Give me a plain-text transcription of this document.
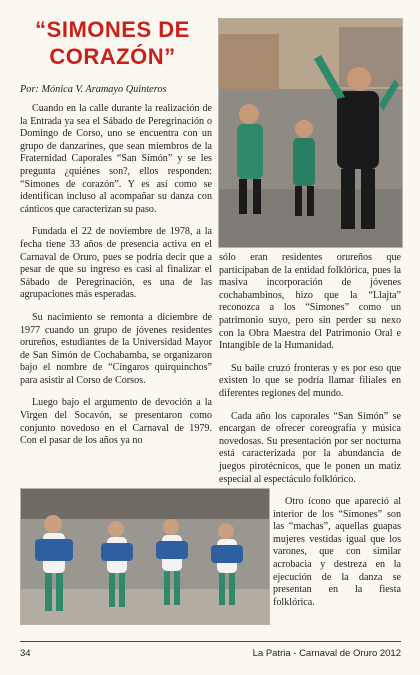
“SIMONES DE
CORAZÓN”
Por: Mónica V. Aramayo Quinteros

Cuando en la calle durante la realización de la Entrada ya sea el Sábado de Peregrinación o Domingo de Corso, uno se encuentra con un grupo de danzarines, que sean miembros de la Fraternidad Caporales “San Simón” y se les pregunta ¿quiénes son?, ellos responden: “Simones de corazón”. Y es así como se identifican incluso al acompañar su danza con cánticos que caracterizan su paso.

Fundada el 22 de noviembre de 1978, a la fecha tiene 33 años de presencia activa en el Carnaval de Oruro, pues se podría decir que a pesar de que su ingreso es casi al finalizar el Sábado de Peregrinación, es una de las agrupaciones más esperadas.

Su nacimiento se remonta a diciembre de 1977 cuando un grupo de jóvenes residentes orureños, estudiantes de la Universidad Mayor de San Simón de Cochabamba, se organizaron bajo el nombre de “Cíngaros quirquinchos” para asistir al Corso de Corsos.

Luego bajo el argumento de devoción a la Virgen del Socavón, se presentaron como conjunto novedoso en el Carnaval de 1979. Con el pasar de los años ya no

sólo eran residentes orureños que participaban de la entidad folklórica, pues la masiva incorporación de jóvenes cochabambinos, hizo que la “Llajta” reconozca a los “Simones” como un patrimonio suyo, pero sin perder su nexo con la Obra Maestra del Patrimonio Oral e Intangible de la Humanidad.

Su baile cruzó fronteras y es por eso que existen lo que se podría llamar filiales en diferentes regiones del mundo.

Cada año los caporales “San Simón” se encargan de ofrecer coreografía y música novedosas. Su presentación por ser nocturna está caracterizada por la abundancia de juegos pirotécnicos, que le ponen un matiz especial al espectáculo folklórico.

Otro ícono que apareció al interior de los “Simones” son las “machas”, aquellas guapas mujeres vestidas igual que los varones, que con similar acrobacia y destreza en la ejecución de la danza se presentan en la fiesta folklórica.

34	La Patria - Carnaval de Oruro 2012
